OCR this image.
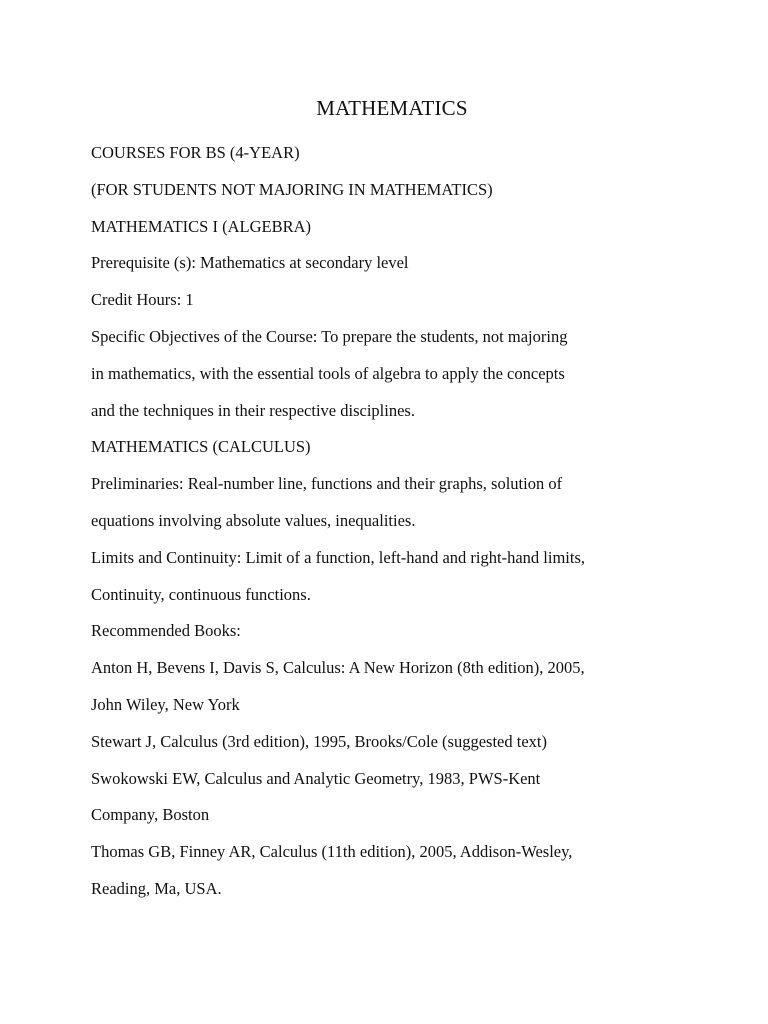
MATHEMATICS
COURSES FOR BS (4-YEAR)
(FOR STUDENTS NOT MAJORING IN MATHEMATICS)
MATHEMATICS I (ALGEBRA)
Prerequisite (s): Mathematics at secondary level
Credit Hours: 1
Specific Objectives of the Course: To prepare the students, not majoring
in mathematics, with the essential tools of algebra to apply the concepts
and the techniques in their respective disciplines.
MATHEMATICS (CALCULUS)
Preliminaries: Real-number line, functions and their graphs, solution of
equations involving absolute values, inequalities.
Limits and Continuity: Limit of a function, left-hand and right-hand limits,
Continuity, continuous functions.
Recommended Books:
Anton H, Bevens I, Davis S, Calculus: A New Horizon (8th edition), 2005,
John Wiley, New York
Stewart J, Calculus (3rd edition), 1995, Brooks/Cole (suggested text)
Swokowski EW, Calculus and Analytic Geometry, 1983, PWS-Kent
Company, Boston
Thomas GB, Finney AR, Calculus (11th edition), 2005, Addison-Wesley,
Reading, Ma, USA.
